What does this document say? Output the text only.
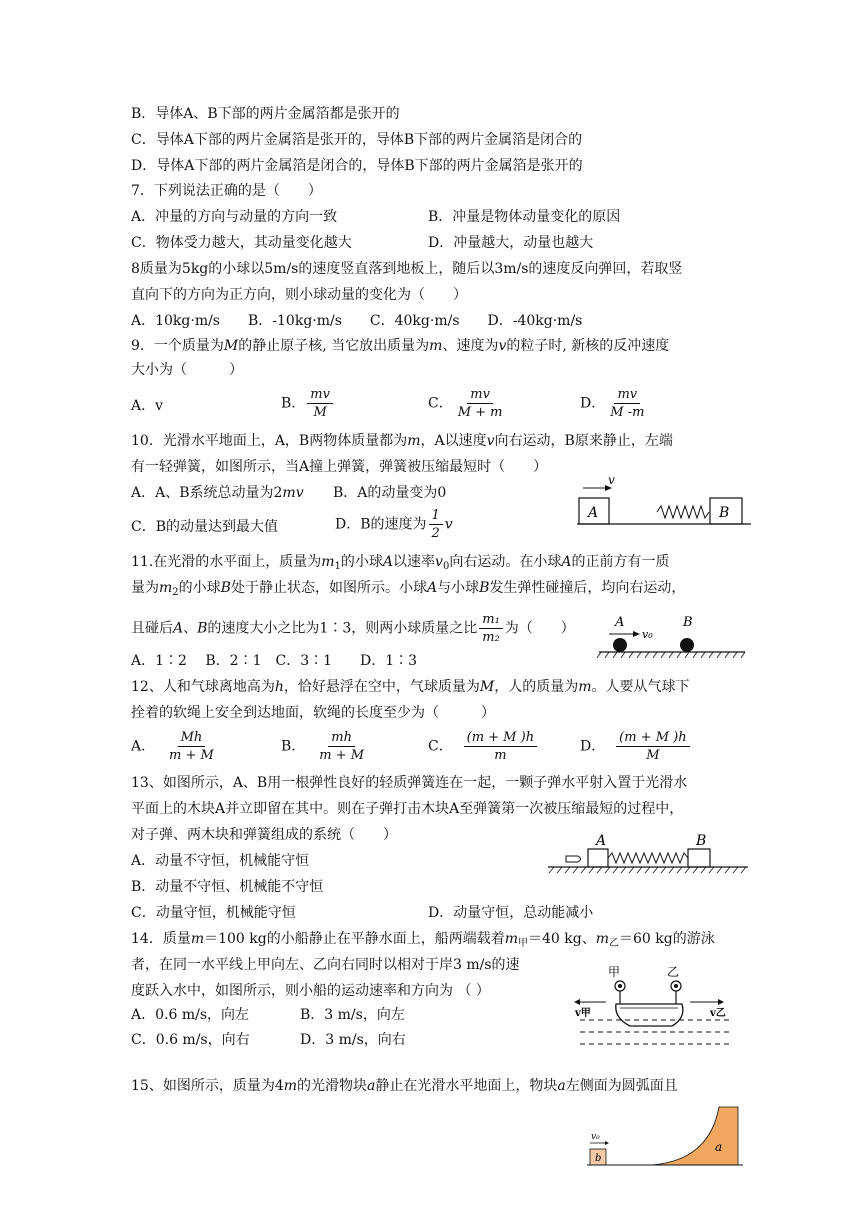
B．导体A、B下部的两片金属箔都是张开的
C．导体A下部的两片金属箔是张开的，导体B下部的两片金属箔是闭合的
D．导体A下部的两片金属箔是闭合的，导体B下部的两片金属箔是张开的
7．下列说法正确的是（　　）
A．冲量的方向与动量的方向一致	B．冲量是物体动量变化的原因
C．物体受力越大，其动量变化越大	D．冲量越大，动量也越大
8质量为5kg的小球以5m/s的速度竖直落到地板上，随后以3m/s的速度反向弹回，若取竖
直向下的方向为正方向，则小球动量的变化为（　　）
A．10kg·m/s　　B．-10kg·m/s　　C．40kg·m/s　　D．-40kg·m/s
9．一个质量为M的静止原子核, 当它放出质量为m、速度为v的粒子时, 新核的反冲速度
大小为（　　　）
A．v	B． $\frac{mv}{M}$	C． $\frac{mv}{M + m}$	D． $\frac{mv}{M -m}$
10．光滑水平地面上，A，B两物体质量都为m，A以速度v向右运动，B原来静止，左端
有一轻弹簧，如图所示，当A撞上弹簧，弹簧被压缩最短时（　　）
A．A、B系统总动量为2mv B．A的动量变为0
C．B的动量达到最大值	D．B的速度为 $\frac{1}{2}$ v
A
v
B
11.在光滑的水平面上，质量为$m_1$的小球A以速率$v_0$向右运动。在小球A的正前方有一质
量为$m_2$的小球B处于静止状态，如图所示。小球A与小球B发生弹性碰撞后，均向右运动，
且碰后A、B的速度大小之比为1∶3，则两小球质量之比 $\frac{\text{m₁}}{\text{m₂}}$ 为（　　）
A．1∶2　 B．2∶1　C．3∶1　　D．1∶3
A	B
v₀
12、人和气球离地高为h，恰好悬浮在空中，气球质量为M，人的质量为m。人要从气球下
拴着的软绳上安全到达地面，软绳的长度至少为（　　　）
A． $\frac{Mh}{m + M}$	B． $\frac{mh}{m + M}$	C． $\frac{(m + M )h}{m}$	D． $\frac{(m + M )h}{M}$
13、如图所示，A、B用一根弹性良好的轻质弹簧连在一起，一颗子弹水平射入置于光滑水
平面上的木块A并立即留在其中。则在子弹打击木块A至弹簧第一次被压缩最短的过程中，
对子弹、两木块和弹簧组成的系统（　　）
A．动量不守恒，机械能守恒
B．动量不守恒、机械能不守恒
C．动量守恒，机械能守恒	D．动量守恒，总动能减小
A	B
14．质量m＝100 kg的小船静止在平静水面上，船两端载着$m_甲=40$ kg、$m_乙=60$ kg的游泳
者，在同一水平线上甲向左、乙向右同时以相对于岸3 m/s的速
度跃入水中，如图所示，则小船的运动速率和方向为 （ ）
A．0.6 m/s，向左	B．3 m/s，向左
C．0.6 m/s，向右	D．3 m/s，向右
甲	乙
v甲	v乙
15、如图所示，质量为4m的光滑物块a静止在光滑水平地面上，物块a左侧面为圆弧面且
v₀
b
a
